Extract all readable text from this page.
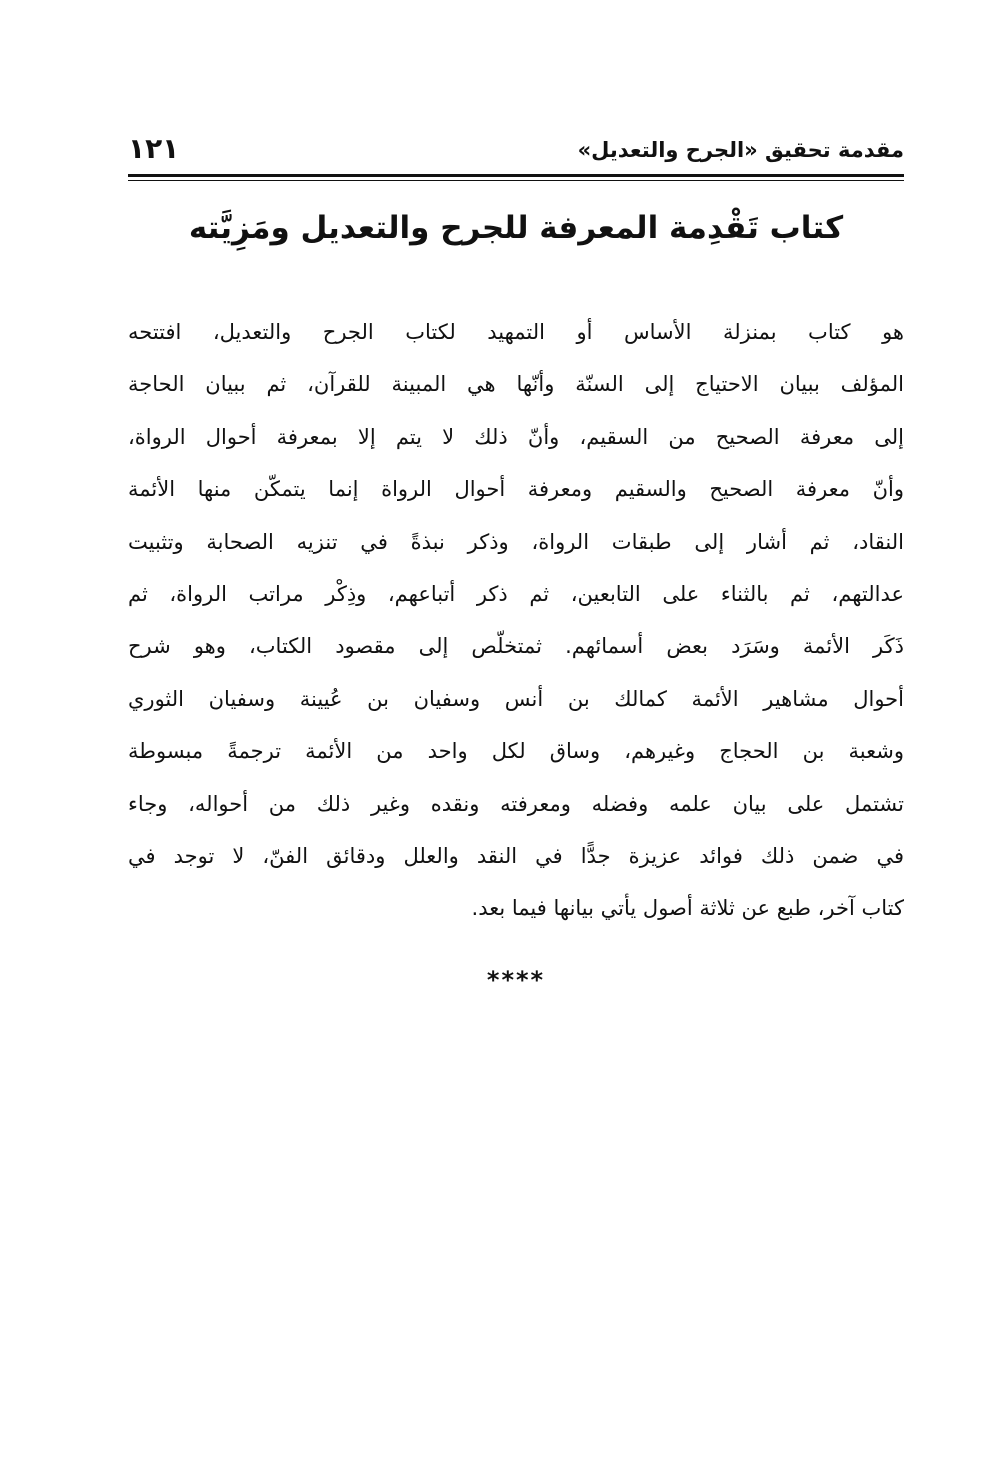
مقدمة تحقيق «الجرح والتعديل»
١٢١
كتاب تَقْدِمة المعرفة للجرح والتعديل ومَزِيَّته
هو كتاب بمنزلة الأساس أو التمهيد لكتاب الجرح والتعديل، افتتحه
المؤلف ببيان الاحتياج إلى السنّة وأنّها هي المبينة للقرآن، ثم ببيان الحاجة
إلى معرفة الصحيح من السقيم، وأنّ ذلك لا يتم إلا بمعرفة أحوال الرواة،
وأنّ معرفة الصحيح والسقيم ومعرفة أحوال الرواة إنما يتمكّن منها الأئمة
النقاد، ثم أشار إلى طبقات الرواة، وذكر نبذةً في تنزيه الصحابة وتثبيت
عدالتهم، ثم بالثناء على التابعين، ثم ذكر أتباعهم، وذِكْر مراتب الرواة، ثم
ذَكَر الأئمة وسَرَد بعض أسمائهم. ثمتخلّص إلى مقصود الكتاب، وهو شرح
أحوال مشاهير الأئمة كمالك بن أنس وسفيان بن عُيينة وسفيان الثوري
وشعبة بن الحجاج وغيرهم، وساق لكل واحد من الأئمة ترجمةً مبسوطة
تشتمل على بيان علمه وفضله ومعرفته ونقده وغير ذلك من أحواله، وجاء
في ضمن ذلك فوائد عزيزة جدًّا في النقد والعلل ودقائق الفنّ، لا توجد في
كتاب آخر، طبع عن ثلاثة أصول يأتي بيانها فيما بعد.
****
